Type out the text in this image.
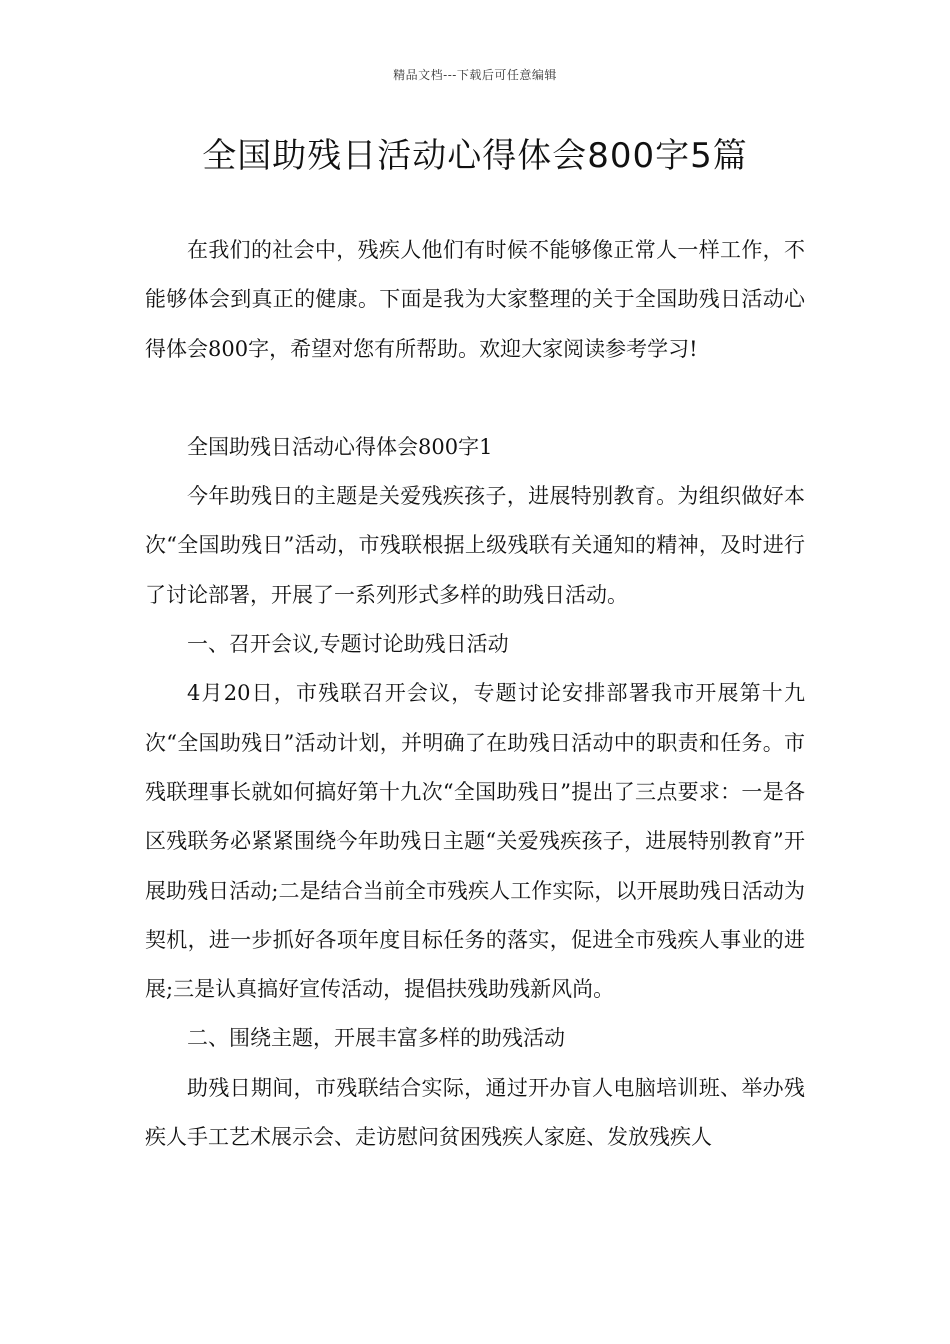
精品文档---下载后可任意编辑
全国助残日活动心得体会800字5篇

在我们的社会中，残疾人他们有时候不能够像正常人一样工作，不能够体会到真正的健康。下面是我为大家整理的关于全国助残日活动心得体会800字，希望对您有所帮助。欢迎大家阅读参考学习!

全国助残日活动心得体会800字1

今年助残日的主题是关爱残疾孩子，进展特别教育。为组织做好本次“全国助残日”活动，市残联根据上级残联有关通知的精神，及时进行了讨论部署，开展了一系列形式多样的助残日活动。

一、召开会议,专题讨论助残日活动

4月20日，市残联召开会议，专题讨论安排部署我市开展第十九次“全国助残日”活动计划，并明确了在助残日活动中的职责和任务。市残联理事长就如何搞好第十九次“全国助残日”提出了三点要求：一是各区残联务必紧紧围绕今年助残日主题“关爱残疾孩子，进展特别教育”开展助残日活动;二是结合当前全市残疾人工作实际，以开展助残日活动为契机，进一步抓好各项年度目标任务的落实，促进全市残疾人事业的进展;三是认真搞好宣传活动，提倡扶残助残新风尚。

二、围绕主题，开展丰富多样的助残活动

助残日期间，市残联结合实际，通过开办盲人电脑培训班、举办残疾人手工艺术展示会、走访慰问贫困残疾人家庭、发放残疾人
